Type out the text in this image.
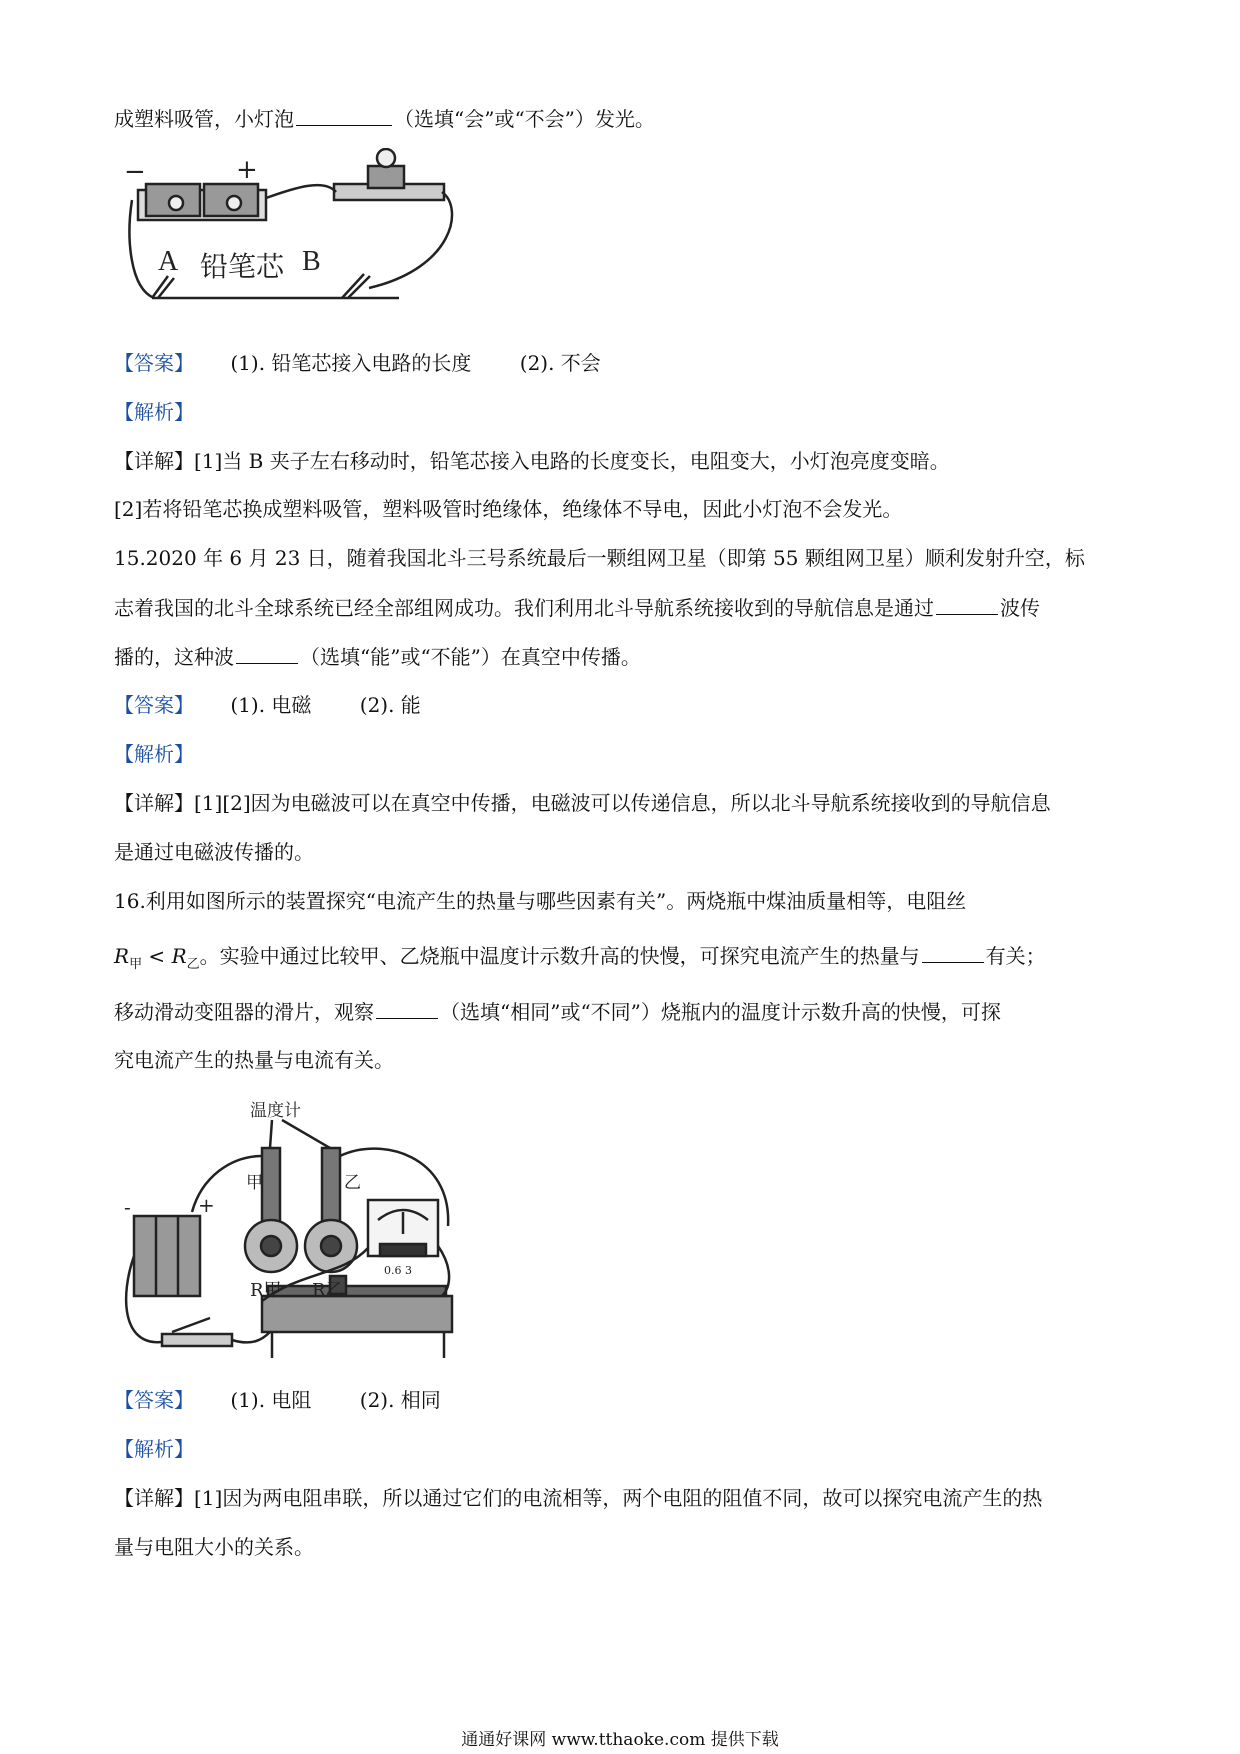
成塑料吸管，小灯泡	（选填“会”或“不会”）发光。
−	+
A 铅笔芯 B
【答案】 (1). 铅笔芯接入电路的长度 (2). 不会
【解析】
【详解】[1]当 B 夹子左右移动时，铅笔芯接入电路的长度变长，电阻变大，小灯泡亮度变暗。
[2]若将铅笔芯换成塑料吸管，塑料吸管时绝缘体，绝缘体不导电，因此小灯泡不会发光。
15.2020 年 6 月 23 日，随着我国北斗三号系统最后一颗组网卫星（即第 55 颗组网卫星）顺利发射升空，标
志着我国的北斗全球系统已经全部组网成功。我们利用北斗导航系统接收到的导航信息是通过	波传
播的，这种波	（选填“能”或“不能”）在真空中传播。
【答案】 (1). 电磁 (2). 能
【解析】
【详解】[1][2]因为电磁波可以在真空中传播，电磁波可以传递信息，所以北斗导航系统接收到的导航信息
是通过电磁波传播的。
16.利用如图所示的装置探究“电流产生的热量与哪些因素有关”。两烧瓶中煤油质量相等，电阻丝
$R_甲 < R_乙$。实验中通过比较甲、乙烧瓶中温度计示数升高的快慢，可探究电流产生的热量与	有关；
移动滑动变阻器的滑片，观察	（选填“相同”或“不同”）烧瓶内的温度计示数升高的快慢，可探
究电流产生的热量与电流有关。
温度计
甲	乙
R甲 R乙
-	+
0.6 3
【答案】 (1). 电阻 (2). 相同
【解析】
【详解】[1]因为两电阻串联，所以通过它们的电流相等，两个电阻的阻值不同，故可以探究电流产生的热
量与电阻大小的关系。
通通好课网 www.tthaoke.com 提供下载
